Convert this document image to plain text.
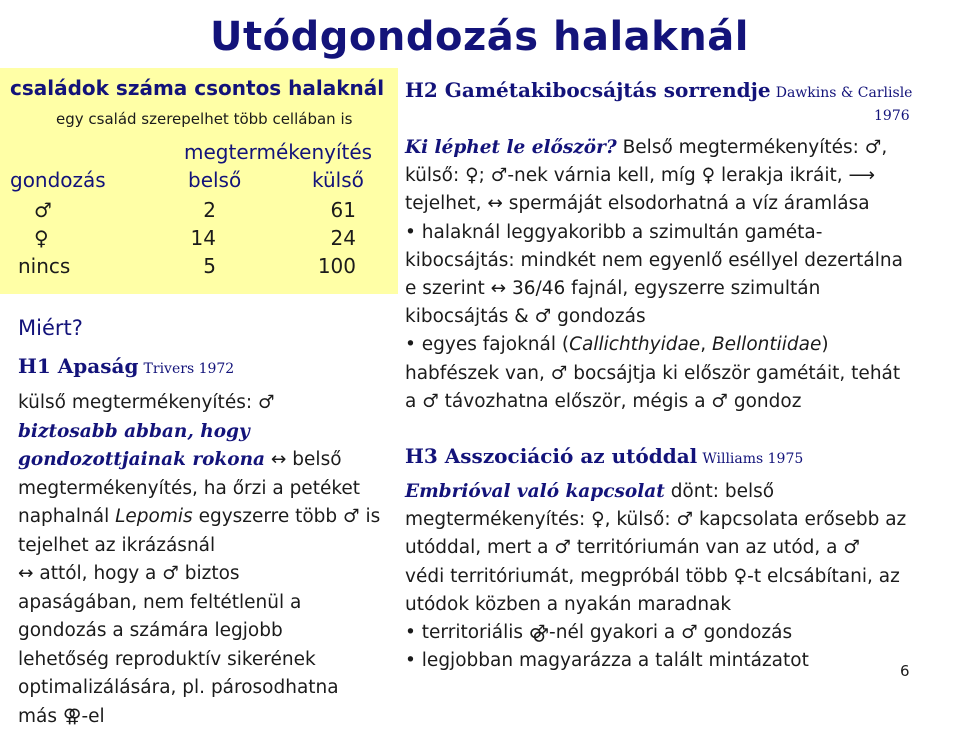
Utódgondozás halaknál
családok száma csontos halaknál
egy család szerepelhet több cellában is
megtermékenyítés
gondozás	belső	külső
♂	2	61
♀	14	24
nincs	5	100
Miért?
H1 Apaság Trivers 1972
külső megtermékenyítés: ♂
biztosabb abban, hogy
gondozottjainak rokona ↔ belső
megtermékenyítés, ha őrzi a petéket
naphalnál Lepomis egyszerre több ♂ is
tejelhet az ikrázásnál
↔ attól, hogy a ♂ biztos
apaságában, nem feltétlenül a
gondozás a számára legjobb
lehetőség reproduktív sikerének
optimalizálására, pl. párosodhatna
más ⚢-el
H2 Gamétakibocsájtás sorrendje Dawkins & Carlisle
1976
Ki léphet le először? Belső megtermékenyítés: ♂,
külső: ♀; ♂-nek várnia kell, míg ♀ lerakja ikráit, ⟶
tejelhet, ↔ spermáját elsodorhatná a víz áramlása
• halaknál leggyakoribb a szimultán gaméta-
kibocsájtás: mindkét nem egyenlő eséllyel dezertálna
e szerint ↔ 36/46 fajnál, egyszerre szimultán
kibocsájtás & ♂ gondozás
• egyes fajoknál (Callichthyidae, Bellontiidae)
habfészek van, ♂ bocsájtja ki először gamétáit, tehát
a ♂ távozhatna először, mégis a ♂ gondoz
H3 Asszociáció az utóddal Williams 1975
Embrióval való kapcsolat dönt: belső
megtermékenyítés: ♀, külső: ♂ kapcsolata erősebb az
utóddal, mert a ♂ territóriumán van az utód, a ♂
védi territóriumát, megpróbál több ♀-t elcsábítani, az
utódok közben a nyakán maradnak
• territoriális ⚣-nél gyakori a ♂ gondozás
• legjobban magyarázza a talált mintázatot	6
